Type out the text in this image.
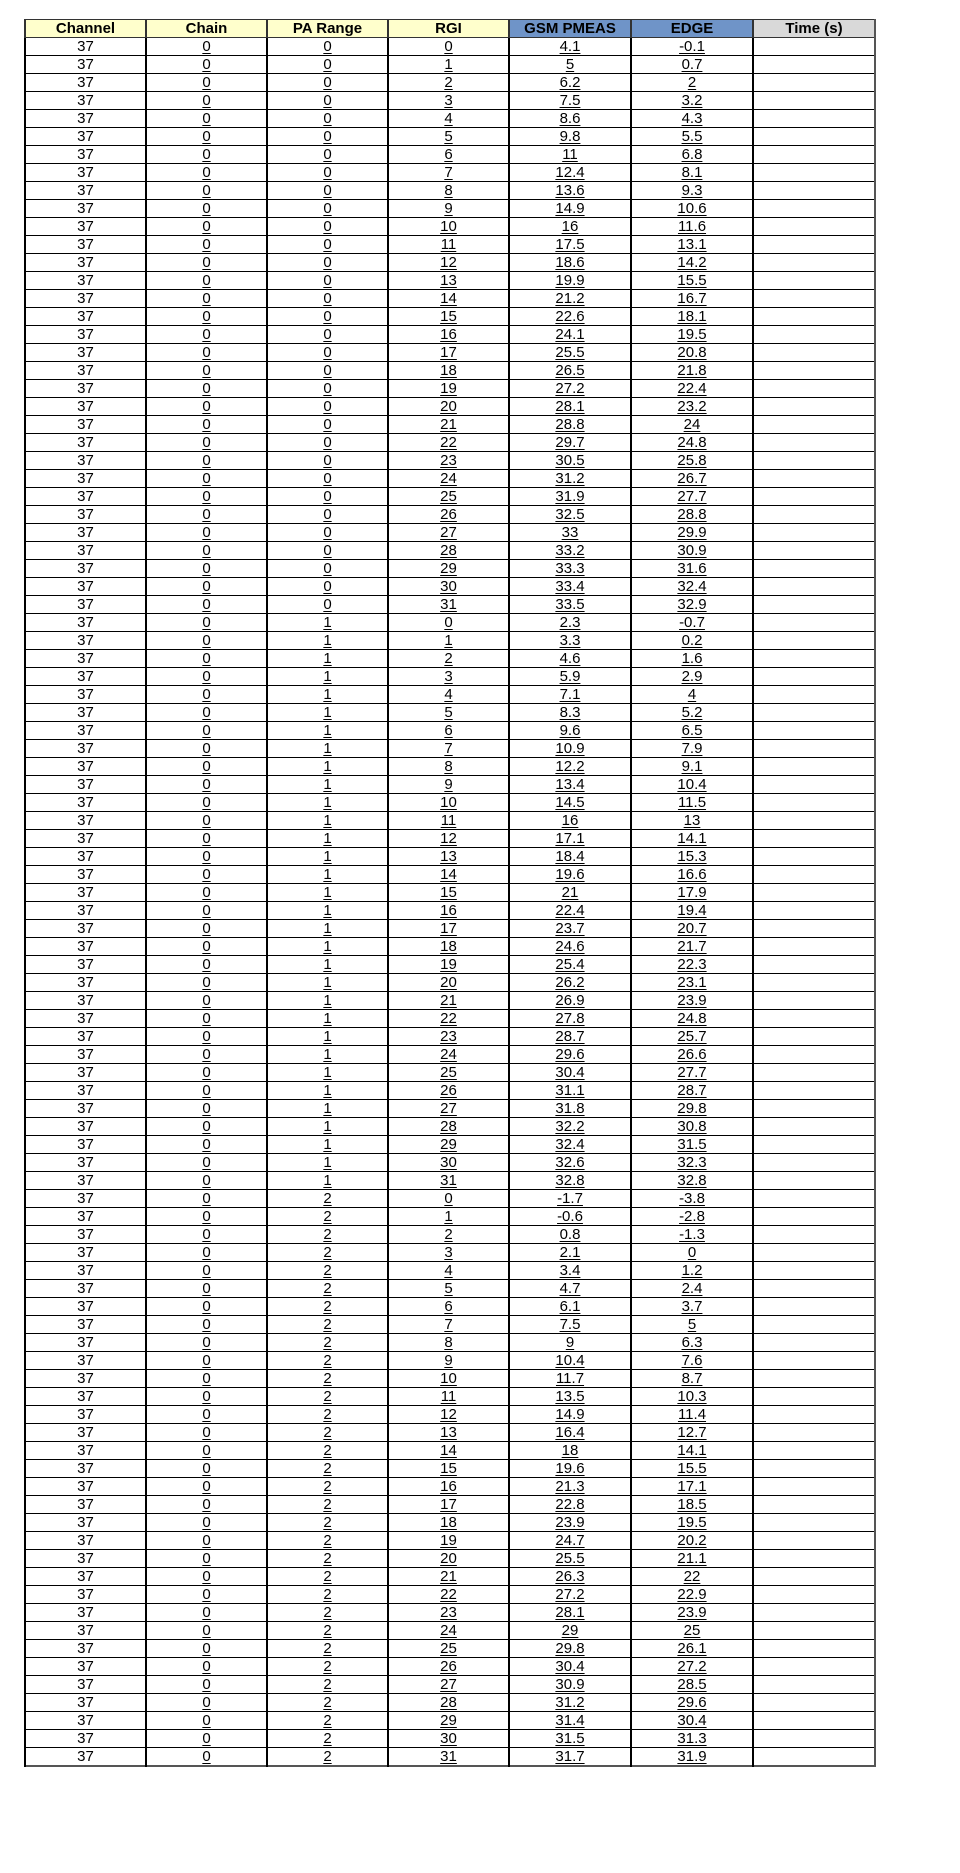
Channel	Chain	PA Range	RGI	GSM PMEAS	EDGE	Time (s)
37	0	0	0	4.1	-0.1	
37	0	0	1	5	0.7	
37	0	0	2	6.2	2	
37	0	0	3	7.5	3.2	
37	0	0	4	8.6	4.3	
37	0	0	5	9.8	5.5	
37	0	0	6	11	6.8	
37	0	0	7	12.4	8.1	
37	0	0	8	13.6	9.3	
37	0	0	9	14.9	10.6	
37	0	0	10	16	11.6	
37	0	0	11	17.5	13.1	
37	0	0	12	18.6	14.2	
37	0	0	13	19.9	15.5	
37	0	0	14	21.2	16.7	
37	0	0	15	22.6	18.1	
37	0	0	16	24.1	19.5	
37	0	0	17	25.5	20.8	
37	0	0	18	26.5	21.8	
37	0	0	19	27.2	22.4	
37	0	0	20	28.1	23.2	
37	0	0	21	28.8	24	
37	0	0	22	29.7	24.8	
37	0	0	23	30.5	25.8	
37	0	0	24	31.2	26.7	
37	0	0	25	31.9	27.7	
37	0	0	26	32.5	28.8	
37	0	0	27	33	29.9	
37	0	0	28	33.2	30.9	
37	0	0	29	33.3	31.6	
37	0	0	30	33.4	32.4	
37	0	0	31	33.5	32.9	
37	0	1	0	2.3	-0.7	
37	0	1	1	3.3	0.2	
37	0	1	2	4.6	1.6	
37	0	1	3	5.9	2.9	
37	0	1	4	7.1	4	
37	0	1	5	8.3	5.2	
37	0	1	6	9.6	6.5	
37	0	1	7	10.9	7.9	
37	0	1	8	12.2	9.1	
37	0	1	9	13.4	10.4	
37	0	1	10	14.5	11.5	
37	0	1	11	16	13	
37	0	1	12	17.1	14.1	
37	0	1	13	18.4	15.3	
37	0	1	14	19.6	16.6	
37	0	1	15	21	17.9	
37	0	1	16	22.4	19.4	
37	0	1	17	23.7	20.7	
37	0	1	18	24.6	21.7	
37	0	1	19	25.4	22.3	
37	0	1	20	26.2	23.1	
37	0	1	21	26.9	23.9	
37	0	1	22	27.8	24.8	
37	0	1	23	28.7	25.7	
37	0	1	24	29.6	26.6	
37	0	1	25	30.4	27.7	
37	0	1	26	31.1	28.7	
37	0	1	27	31.8	29.8	
37	0	1	28	32.2	30.8	
37	0	1	29	32.4	31.5	
37	0	1	30	32.6	32.3	
37	0	1	31	32.8	32.8	
37	0	2	0	-1.7	-3.8	
37	0	2	1	-0.6	-2.8	
37	0	2	2	0.8	-1.3	
37	0	2	3	2.1	0	
37	0	2	4	3.4	1.2	
37	0	2	5	4.7	2.4	
37	0	2	6	6.1	3.7	
37	0	2	7	7.5	5	
37	0	2	8	9	6.3	
37	0	2	9	10.4	7.6	
37	0	2	10	11.7	8.7	
37	0	2	11	13.5	10.3	
37	0	2	12	14.9	11.4	
37	0	2	13	16.4	12.7	
37	0	2	14	18	14.1	
37	0	2	15	19.6	15.5	
37	0	2	16	21.3	17.1	
37	0	2	17	22.8	18.5	
37	0	2	18	23.9	19.5	
37	0	2	19	24.7	20.2	
37	0	2	20	25.5	21.1	
37	0	2	21	26.3	22	
37	0	2	22	27.2	22.9	
37	0	2	23	28.1	23.9	
37	0	2	24	29	25	
37	0	2	25	29.8	26.1	
37	0	2	26	30.4	27.2	
37	0	2	27	30.9	28.5	
37	0	2	28	31.2	29.6	
37	0	2	29	31.4	30.4	
37	0	2	30	31.5	31.3	
37	0	2	31	31.7	31.9	
